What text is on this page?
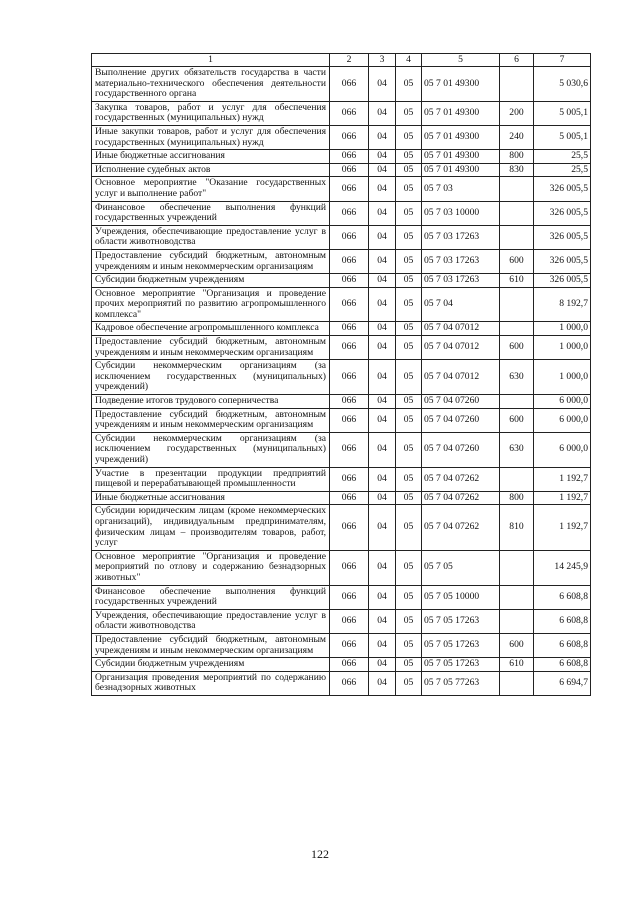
1	2	3	4	5	6	7
Выполнение других обязательств государства в части материально-технического обеспечения деятельности государственного органа	066	04	05	05 7 01 49300		5 030,6
Закупка товаров, работ и услуг для обеспечения государственных (муниципальных) нужд	066	04	05	05 7 01 49300	200	5 005,1
Иные закупки товаров, работ и услуг для обеспечения государственных (муниципальных) нужд	066	04	05	05 7 01 49300	240	5 005,1
Иные бюджетные ассигнования	066	04	05	05 7 01 49300	800	25,5
Исполнение судебных актов	066	04	05	05 7 01 49300	830	25,5
Основное мероприятие "Оказание государственных услуг и выполнение работ"	066	04	05	05 7 03		326 005,5
Финансовое обеспечение выполнения функций государственных учреждений	066	04	05	05 7 03 10000		326 005,5
Учреждения, обеспечивающие предоставление услуг в области животноводства	066	04	05	05 7 03 17263		326 005,5
Предоставление субсидий бюджетным, автономным учреждениям и иным некоммерческим организациям	066	04	05	05 7 03 17263	600	326 005,5
Субсидии бюджетным учреждениям	066	04	05	05 7 03 17263	610	326 005,5
Основное мероприятие "Организация и проведение прочих мероприятий по развитию агропромышленного комплекса"	066	04	05	05 7 04		8 192,7
Кадровое обеспечение агропромышленного комплекса	066	04	05	05 7 04 07012		1 000,0
Предоставление субсидий бюджетным, автономным учреждениям и иным некоммерческим организациям	066	04	05	05 7 04 07012	600	1 000,0
Субсидии некоммерческим организациям (за исключением государственных (муниципальных) учреждений)	066	04	05	05 7 04 07012	630	1 000,0
Подведение итогов трудового соперничества	066	04	05	05 7 04 07260		6 000,0
Предоставление субсидий бюджетным, автономным учреждениям и иным некоммерческим организациям	066	04	05	05 7 04 07260	600	6 000,0
Субсидии некоммерческим организациям (за исключением государственных (муниципальных) учреждений)	066	04	05	05 7 04 07260	630	6 000,0
Участие в презентации продукции предприятий пищевой и перерабатывающей промышленности	066	04	05	05 7 04 07262		1 192,7
Иные бюджетные ассигнования	066	04	05	05 7 04 07262	800	1 192,7
Субсидии юридическим лицам (кроме некоммерческих организаций), индивидуальным предпринимателям, физическим лицам – производителям товаров, работ, услуг	066	04	05	05 7 04 07262	810	1 192,7
Основное мероприятие "Организация и проведение мероприятий по отлову и содержанию безнадзорных животных"	066	04	05	05 7 05		14 245,9
Финансовое обеспечение выполнения функций государственных учреждений	066	04	05	05 7 05 10000		6 608,8
Учреждения, обеспечивающие предоставление услуг в области животноводства	066	04	05	05 7 05 17263		6 608,8
Предоставление субсидий бюджетным, автономным учреждениям и иным некоммерческим организациям	066	04	05	05 7 05 17263	600	6 608,8
Субсидии бюджетным учреждениям	066	04	05	05 7 05 17263	610	6 608,8
Организация проведения мероприятий по содержанию безнадзорных животных	066	04	05	05 7 05 77263		6 694,7
122
